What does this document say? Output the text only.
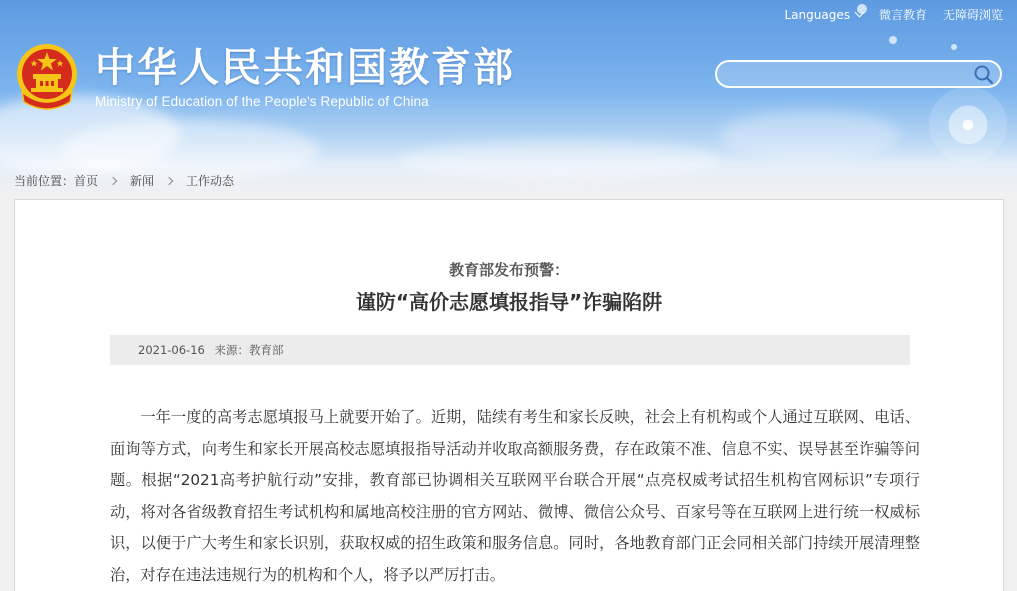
Languages 微言教育 无障碍浏览
中华人民共和国教育部
Ministry of Education of the People's Republic of China
当前位置： 首页	新闻	工作动态
教育部发布预警：
谨防“高价志愿填报指导”诈骗陷阱
2021-06-16 来源：教育部

一年一度的高考志愿填报马上就要开始了。近期，陆续有考生和家长反映，社会上有机构或个人通过互联网、电话、面询等方式，向考生和家长开展高校志愿填报指导活动并收取高额服务费，存在政策不准、信息不实、误导甚至诈骗等问题。根据“2021高考护航行动”安排，教育部已协调相关互联网平台联合开展“点亮权威考试招生机构官网标识”专项行动，将对各省级教育招生考试机构和属地高校注册的官方网站、微博、微信公众号、百家号等在互联网上进行统一权威标识，以便于广大考生和家长识别，获取权威的招生政策和服务信息。同时，各地教育部门正会同相关部门持续开展清理整治，对存在违法违规行为的机构和个人，将予以严厉打击。
